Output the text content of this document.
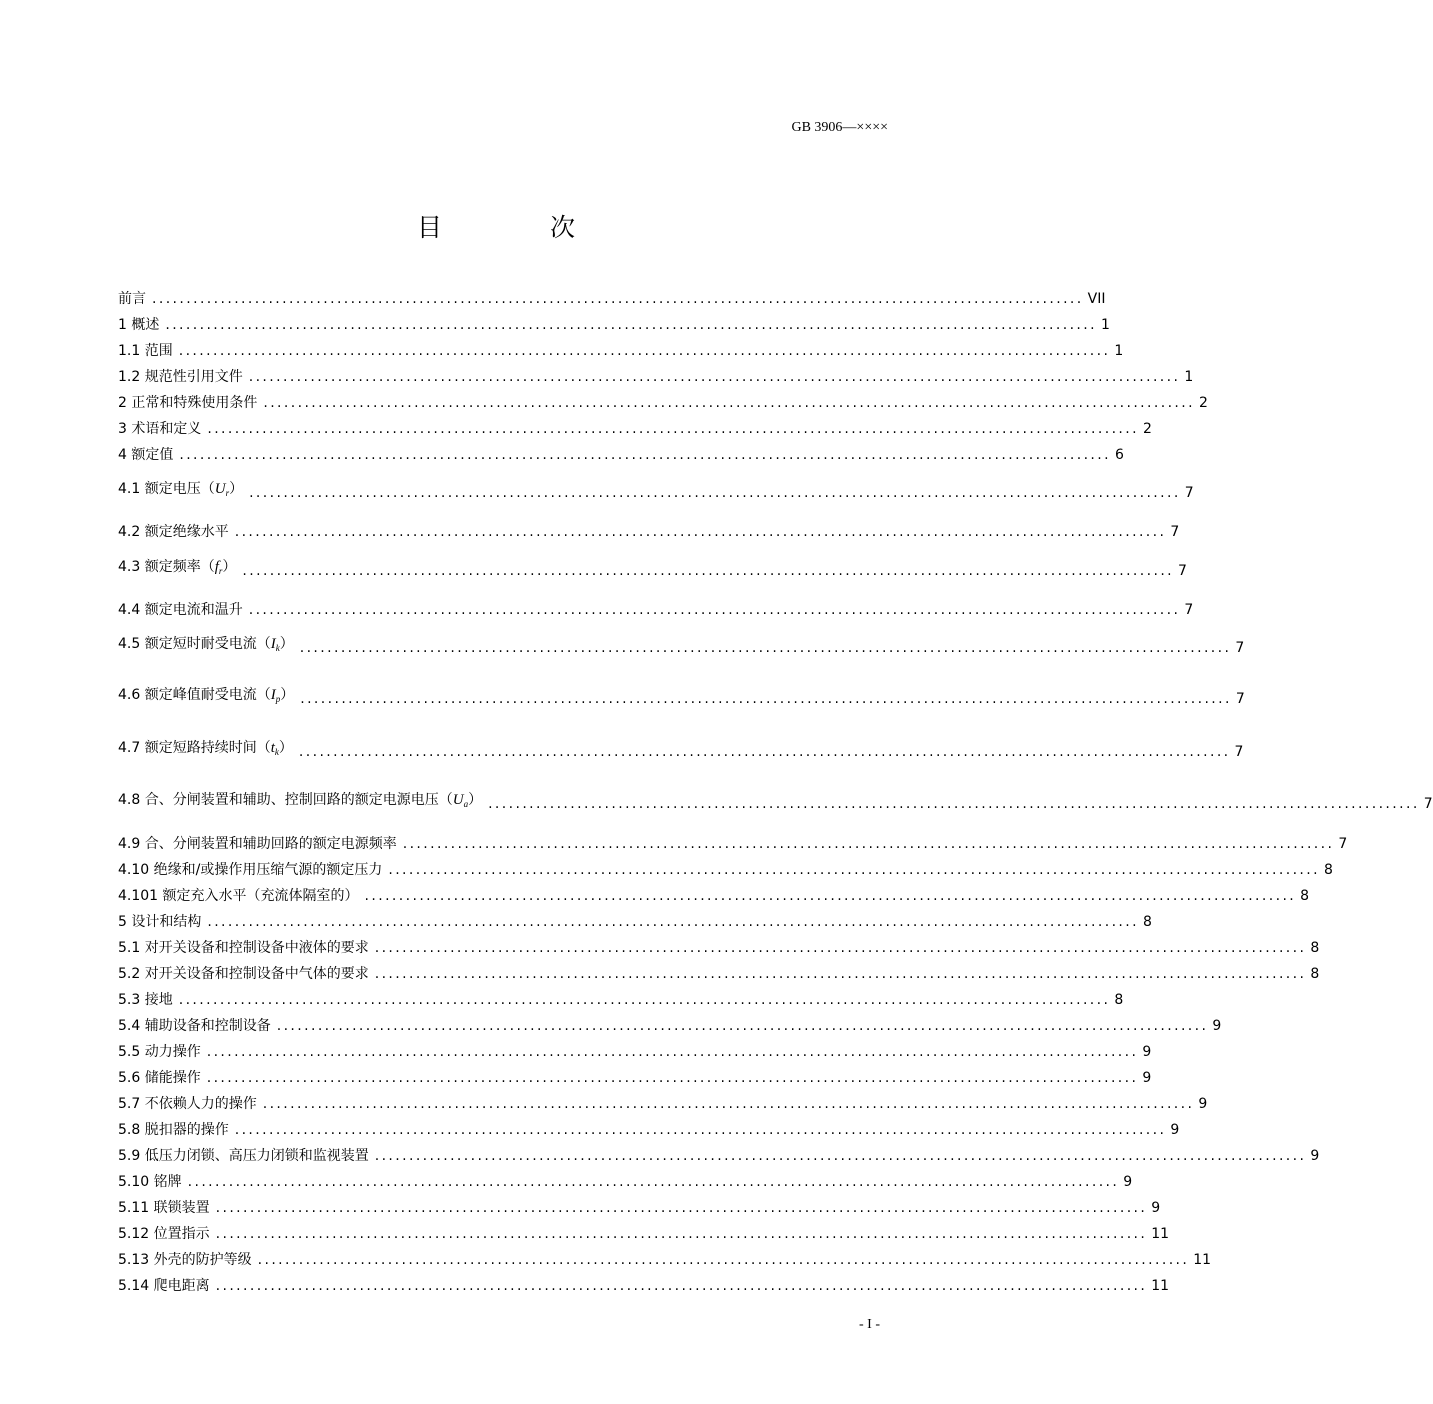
GB 3906—××××
目 次
前言 ........................................................................................................................................ VII
1 概述 ........................................................................................................................................ 1
1.1 范围 ........................................................................................................................................ 1
1.2 规范性引用文件 ........................................................................................................................................ 1
2 正常和特殊使用条件 ........................................................................................................................................ 2
3 术语和定义 ........................................................................................................................................ 2
4 额定值 ........................................................................................................................................ 6
4.1 额定电压$(U_r)$ ........................................................................................................................................ 7
4.2 额定绝缘水平 ........................................................................................................................................ 7
4.3 额定频率$(f_r)$ ........................................................................................................................................ 7
4.4 额定电流和温升 ........................................................................................................................................ 7
4.5 额定短时耐受电流$(I_k)$ ........................................................................................................................................ 7
4.6 额定峰值耐受电流$(I_p)$ ........................................................................................................................................ 7
4.7 额定短路持续时间$(t_k)$ ........................................................................................................................................ 7
4.8 合、分闸装置和辅助、控制回路的额定电源电压$(U_a)$ ........................................................................................................................................ 7
4.9 合、分闸装置和辅助回路的额定电源频率 ........................................................................................................................................ 7
4.10 绝缘和/或操作用压缩气源的额定压力 ........................................................................................................................................ 8
4.101 额定充入水平（充流体隔室的） ........................................................................................................................................ 8
5 设计和结构 ........................................................................................................................................ 8
5.1 对开关设备和控制设备中液体的要求 ........................................................................................................................................ 8
5.2 对开关设备和控制设备中气体的要求 ........................................................................................................................................ 8
5.3 接地 ........................................................................................................................................ 8
5.4 辅助设备和控制设备 ........................................................................................................................................ 9
5.5 动力操作 ........................................................................................................................................ 9
5.6 储能操作 ........................................................................................................................................ 9
5.7 不依赖人力的操作 ........................................................................................................................................ 9
5.8 脱扣器的操作 ........................................................................................................................................ 9
5.9 低压力闭锁、高压力闭锁和监视装置 ........................................................................................................................................ 9
5.10 铭牌 ........................................................................................................................................ 9
5.11 联锁装置 ........................................................................................................................................ 9
5.12 位置指示 ........................................................................................................................................ 11
5.13 外壳的防护等级 ........................................................................................................................................ 11
5.14 爬电距离 ........................................................................................................................................ 11
- I -
